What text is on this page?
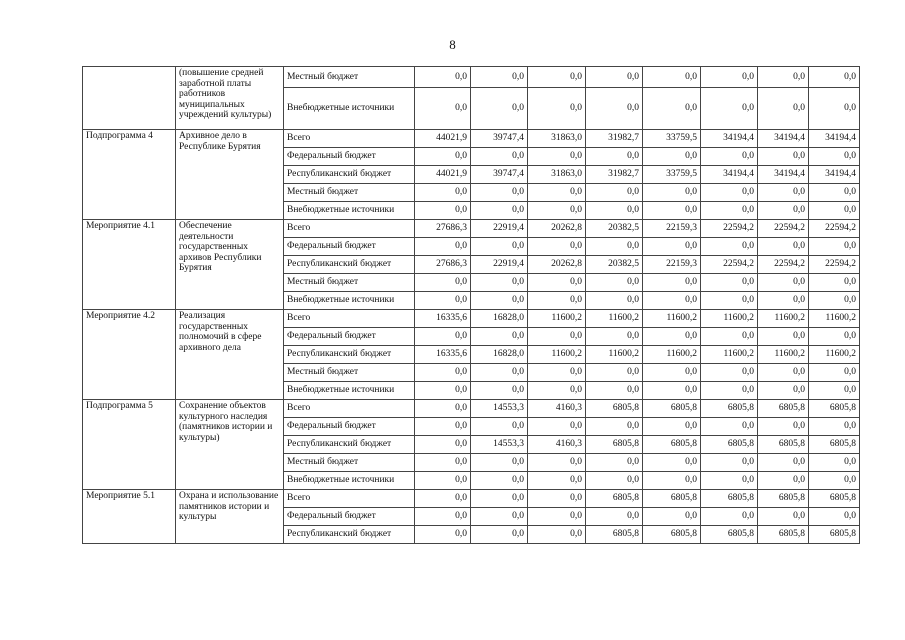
8
	(повышение средней заработной платы работников муниципальных учреждений культуры)	Местный бюджет	0,0	0,0	0,0	0,0	0,0	0,0	0,0	0,0
		Внебюджетные источники	0,0	0,0	0,0	0,0	0,0	0,0	0,0	0,0
Подпрограмма 4	Архивное дело в Республике Бурятия	Всего	44021,9	39747,4	31863,0	31982,7	33759,5	34194,4	34194,4	34194,4
		Федеральный бюджет	0,0	0,0	0,0	0,0	0,0	0,0	0,0	0,0
		Республиканский бюджет	44021,9	39747,4	31863,0	31982,7	33759,5	34194,4	34194,4	34194,4
		Местный бюджет	0,0	0,0	0,0	0,0	0,0	0,0	0,0	0,0
		Внебюджетные источники	0,0	0,0	0,0	0,0	0,0	0,0	0,0	0,0
Мероприятие 4.1	Обеспечение деятельности государственных архивов Республики Бурятия	Всего	27686,3	22919,4	20262,8	20382,5	22159,3	22594,2	22594,2	22594,2
		Федеральный бюджет	0,0	0,0	0,0	0,0	0,0	0,0	0,0	0,0
		Республиканский бюджет	27686,3	22919,4	20262,8	20382,5	22159,3	22594,2	22594,2	22594,2
		Местный бюджет	0,0	0,0	0,0	0,0	0,0	0,0	0,0	0,0
		Внебюджетные источники	0,0	0,0	0,0	0,0	0,0	0,0	0,0	0,0
Мероприятие 4.2	Реализация государственных полномочий в сфере архивного дела	Всего	16335,6	16828,0	11600,2	11600,2	11600,2	11600,2	11600,2	11600,2
		Федеральный бюджет	0,0	0,0	0,0	0,0	0,0	0,0	0,0	0,0
		Республиканский бюджет	16335,6	16828,0	11600,2	11600,2	11600,2	11600,2	11600,2	11600,2
		Местный бюджет	0,0	0,0	0,0	0,0	0,0	0,0	0,0	0,0
		Внебюджетные источники	0,0	0,0	0,0	0,0	0,0	0,0	0,0	0,0
Подпрограмма 5	Сохранение объектов культурного наследия (памятников истории и культуры)	Всего	0,0	14553,3	4160,3	6805,8	6805,8	6805,8	6805,8	6805,8
		Федеральный бюджет	0,0	0,0	0,0	0,0	0,0	0,0	0,0	0,0
		Республиканский бюджет	0,0	14553,3	4160,3	6805,8	6805,8	6805,8	6805,8	6805,8
		Местный бюджет	0,0	0,0	0,0	0,0	0,0	0,0	0,0	0,0
		Внебюджетные источники	0,0	0,0	0,0	0,0	0,0	0,0	0,0	0,0
Мероприятие 5.1	Охрана и использование памятников истории и культуры	Всего	0,0	0,0	0,0	6805,8	6805,8	6805,8	6805,8	6805,8
		Федеральный бюджет	0,0	0,0	0,0	0,0	0,0	0,0	0,0	0,0
		Республиканский бюджет	0,0	0,0	0,0	6805,8	6805,8	6805,8	6805,8	6805,8
